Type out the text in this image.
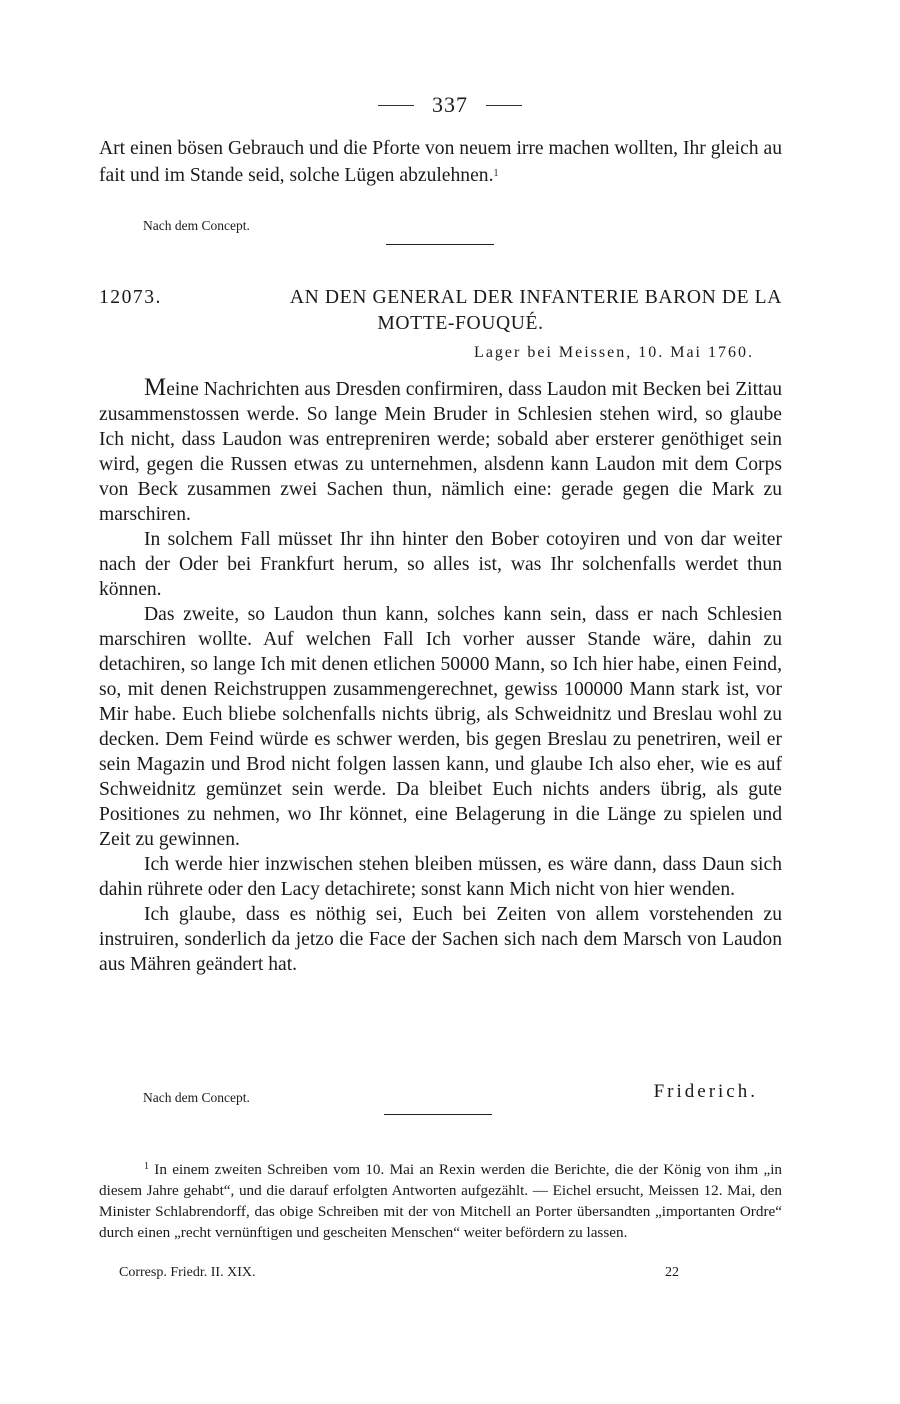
337

Art einen bösen Gebrauch und die Pforte von neuem irre machen wollten, Ihr gleich au fait und im Stande seid, solche Lügen abzulehnen.$^1$

Nach dem Concept.
12073.	AN DEN GENERAL DER INFANTERIE BARON DE LA
MOTTE-FOUQUÉ.
Lager bei Meissen, 10. Mai 1760.

Meine Nachrichten aus Dresden confirmiren, dass Laudon mit Becken bei Zittau zusammenstossen werde. So lange Mein Bruder in Schlesien stehen wird, so glaube Ich nicht, dass Laudon was entrepreniren werde; sobald aber ersterer genöthiget sein wird, gegen die Russen etwas zu unternehmen, alsdenn kann Laudon mit dem Corps von Beck zusammen zwei Sachen thun, nämlich eine: gerade gegen die Mark zu marschiren.

In solchem Fall müsset Ihr ihn hinter den Bober cotoyiren und von dar weiter nach der Oder bei Frankfurt herum, so alles ist, was Ihr solchenfalls werdet thun können.

Das zweite, so Laudon thun kann, solches kann sein, dass er nach Schlesien marschiren wollte. Auf welchen Fall Ich vorher ausser Stande wäre, dahin zu detachiren, so lange Ich mit denen etlichen 50000 Mann, so Ich hier habe, einen Feind, so, mit denen Reichstruppen zusammengerechnet, gewiss 100000 Mann stark ist, vor Mir habe. Euch bliebe solchenfalls nichts übrig, als Schweidnitz und Breslau wohl zu decken. Dem Feind würde es schwer werden, bis gegen Breslau zu penetriren, weil er sein Magazin und Brod nicht folgen lassen kann, und glaube Ich also eher, wie es auf Schweidnitz gemünzet sein werde. Da bleibet Euch nichts anders übrig, als gute Positiones zu nehmen, wo Ihr könnet, eine Belagerung in die Länge zu spielen und Zeit zu gewinnen.

Ich werde hier inzwischen stehen bleiben müssen, es wäre dann, dass Daun sich dahin rührete oder den Lacy detachirete; sonst kann Mich nicht von hier wenden.

Ich glaube, dass es nöthig sei, Euch bei Zeiten von allem vorstehenden zu instruiren, sonderlich da jetzo die Face der Sachen sich nach dem Marsch von Laudon aus Mähren geändert hat.

Nach dem Concept.	Friderich.

$^1$ In einem zweiten Schreiben vom 10. Mai an Rexin werden die Berichte, die der König von ihm „in diesem Jahre gehabt“, und die darauf erfolgten Antworten aufgezählt. — Eichel ersucht, Meissen 12. Mai, den Minister Schlabrendorff, das obige Schreiben mit der von Mitchell an Porter übersandten „importanten Ordre“ durch einen „recht vernünftigen und gescheiten Menschen“ weiter befördern zu lassen.

Corresp. Friedr. II. XIX.	22
